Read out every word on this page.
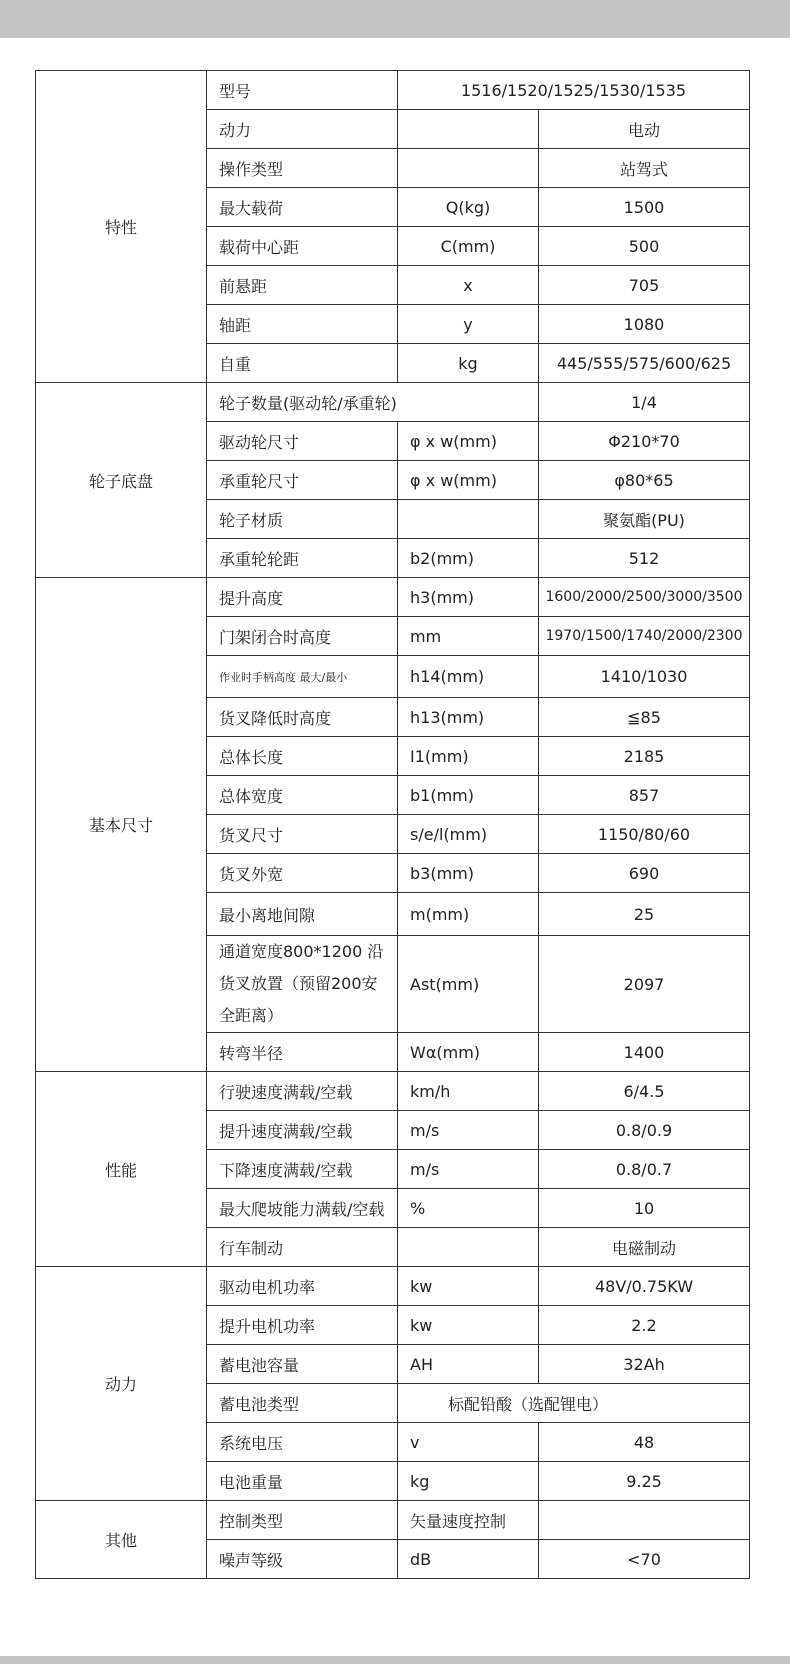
特性	型号	1516/1520/1525/1530/1535	
	动力		电动
	操作类型		站驾式
	最大载荷	Q(kg)	1500
	载荷中心距	C(mm)	500
	前悬距	x	705
	轴距	y	1080
	自重	kg	445/555/575/600/625
轮子底盘	轮子数量(驱动轮/承重轮)		1/4
	驱动轮尺寸	φ x w(mm)	Φ210*70
	承重轮尺寸	φ x w(mm)	φ80*65
	轮子材质		聚氨酯(PU)
	承重轮轮距	b2(mm)	512
基本尺寸	提升高度	h3(mm)	1600/2000/2500/3000/3500
	门架闭合时高度	mm	1970/1500/1740/2000/2300
	作业时手柄高度 最大/最小	h14(mm)	1410/1030
	货叉降低时高度	h13(mm)	≦85
	总体长度	I1(mm)	2185
	总体宽度	b1(mm)	857
	货叉尺寸	s/e/l(mm)	1150/80/60
	货叉外宽	b3(mm)	690
	最小离地间隙	m(mm)	25
	通道宽度800*1200 沿货叉放置（预留200安全距离）	Ast(mm)	2097
	转弯半径	Wα(mm)	1400
性能	行驶速度满载/空载	km/h	6/4.5
	提升速度满载/空载	m/s	0.8/0.9
	下降速度满载/空载	m/s	0.8/0.7
	最大爬坡能力满载/空载	%	10
	行车制动		电磁制动
动力	驱动电机功率	kw	48V/0.75KW
	提升电机功率	kw	2.2
	蓄电池容量	AH	32Ah
	蓄电池类型	标配铅酸（选配锂电）	
	系统电压	v	48
	电池重量	kg	9.25
其他	控制类型	矢量速度控制	
	噪声等级	dB	<70
